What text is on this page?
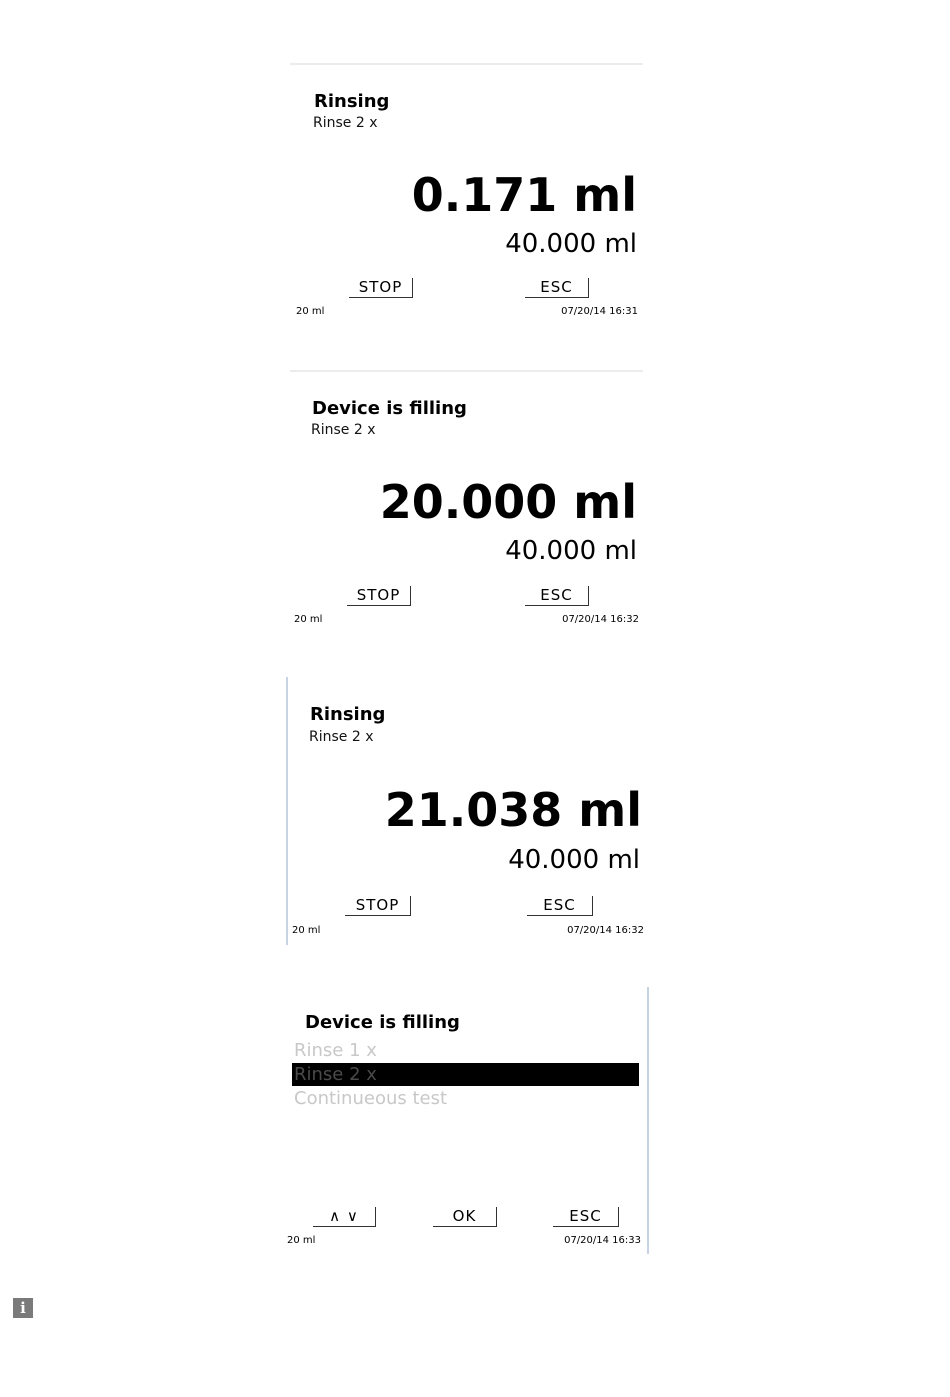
Rinsing
Rinse 2 x
0.171 ml
40.000 ml
STOP	ESC
20 ml	07/20/14 16:31
Device is filling
Rinse 2 x
20.000 ml
40.000 ml
STOP	ESC
20 ml	07/20/14 16:32
Rinsing
Rinse 2 x
21.038 ml
40.000 ml
STOP	ESC
20 ml	07/20/14 16:32
Device is filling
Rinse 1 x
Rinse 2 x
Continueous test
∧ ∨	OK	ESC
20 ml	07/20/14 16:33
i
